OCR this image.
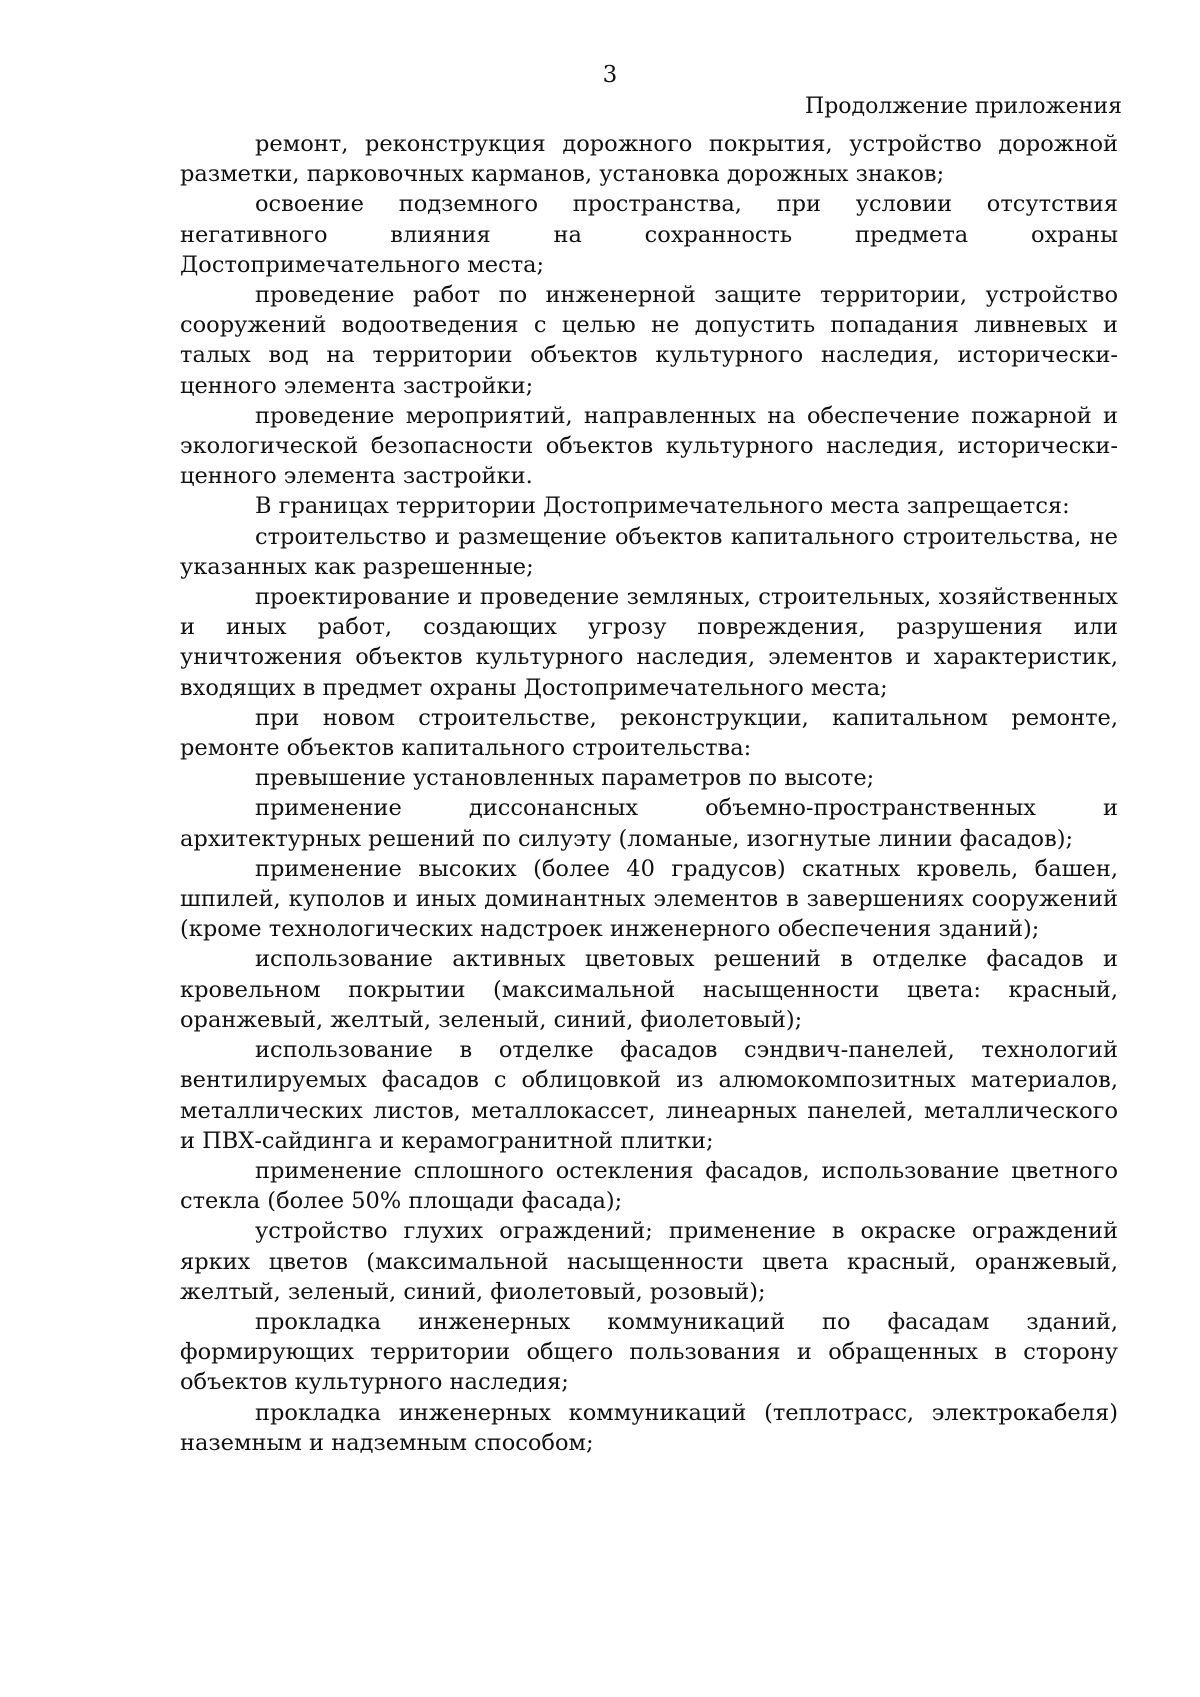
3
Продолжение приложения

ремонт, реконструкция дорожного покрытия, устройство дорожной разметки, парковочных карманов, установка дорожных знаков;

освоение подземного пространства, при условии отсутствия негативного влияния на сохранность предмета охраны Достопримечательного места;

проведение работ по инженерной защите территории, устройство сооружений водоотведения с целью не допустить попадания ливневых и талых вод на территории объектов культурного наследия, исторически-ценного элемента застройки;

проведение мероприятий, направленных на обеспечение пожарной и экологической безопасности объектов культурного наследия, исторически-ценного элемента застройки.

В границах территории Достопримечательного места запрещается:

строительство и размещение объектов капитального строительства, не указанных как разрешенные;

проектирование и проведение земляных, строительных, хозяйственных и иных работ, создающих угрозу повреждения, разрушения или уничтожения объектов культурного наследия, элементов и характеристик, входящих в предмет охраны Достопримечательного места;

при новом строительстве, реконструкции, капитальном ремонте, ремонте объектов капитального строительства:

превышение установленных параметров по высоте;

применение диссонансных объемно-пространственных и архитектурных решений по силуэту (ломаные, изогнутые линии фасадов);

применение высоких (более 40 градусов) скатных кровель, башен, шпилей, куполов и иных доминантных элементов в завершениях сооружений (кроме технологических надстроек инженерного обеспечения зданий);

использование активных цветовых решений в отделке фасадов и кровельном покрытии (максимальной насыщенности цвета: красный, оранжевый, желтый, зеленый, синий, фиолетовый);

использование в отделке фасадов сэндвич-панелей, технологий вентилируемых фасадов с облицовкой из алюмокомпозитных материалов, металлических листов, металлокассет, линеарных панелей, металлического и ПВХ-сайдинга и керамогранитной плитки;

применение сплошного остекления фасадов, использование цветного стекла (более 50% площади фасада);

устройство глухих ограждений; применение в окраске ограждений ярких цветов (максимальной насыщенности цвета красный, оранжевый, желтый, зеленый, синий, фиолетовый, розовый);

прокладка инженерных коммуникаций по фасадам зданий, формирующих территории общего пользования и обращенных в сторону объектов культурного наследия;

прокладка инженерных коммуникаций (теплотрасс, электрокабеля) наземным и надземным способом;
